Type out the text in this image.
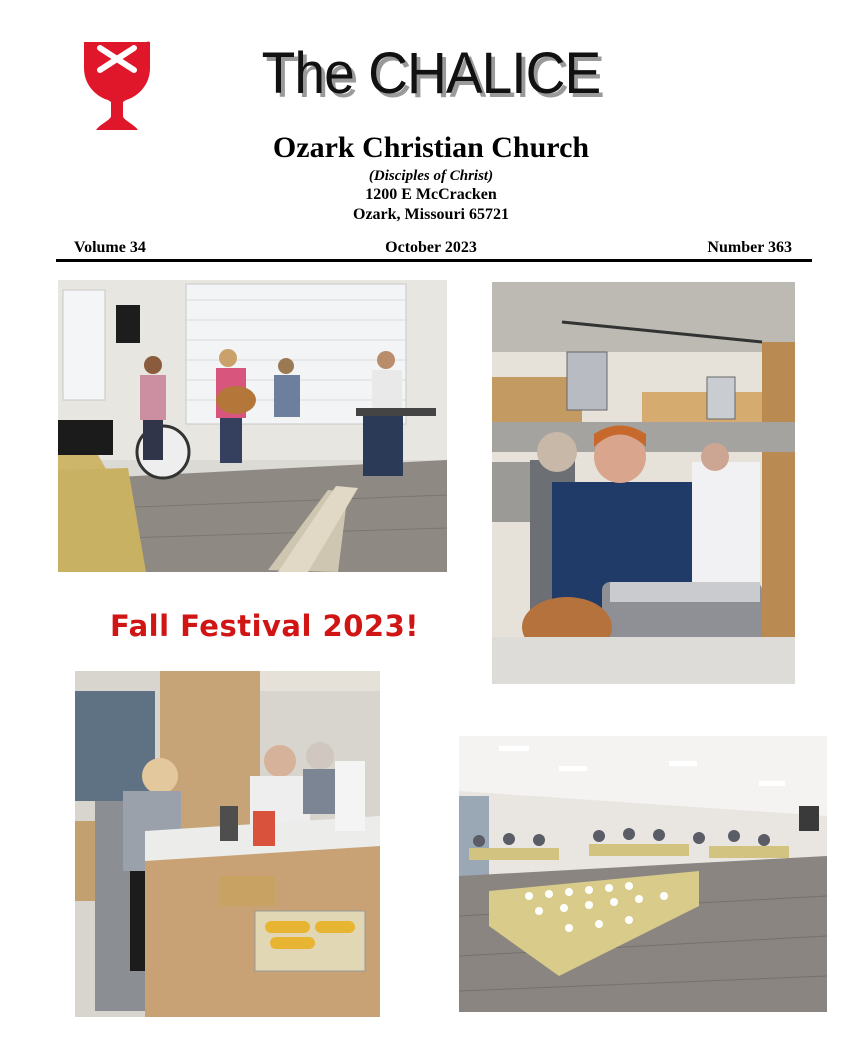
The CHALICE
Ozark Christian Church
(Disciples of Christ)
1200 E McCracken
Ozark, Missouri 65721
October 2023
Volume 34	Number 363
Fall Festival 2023!
